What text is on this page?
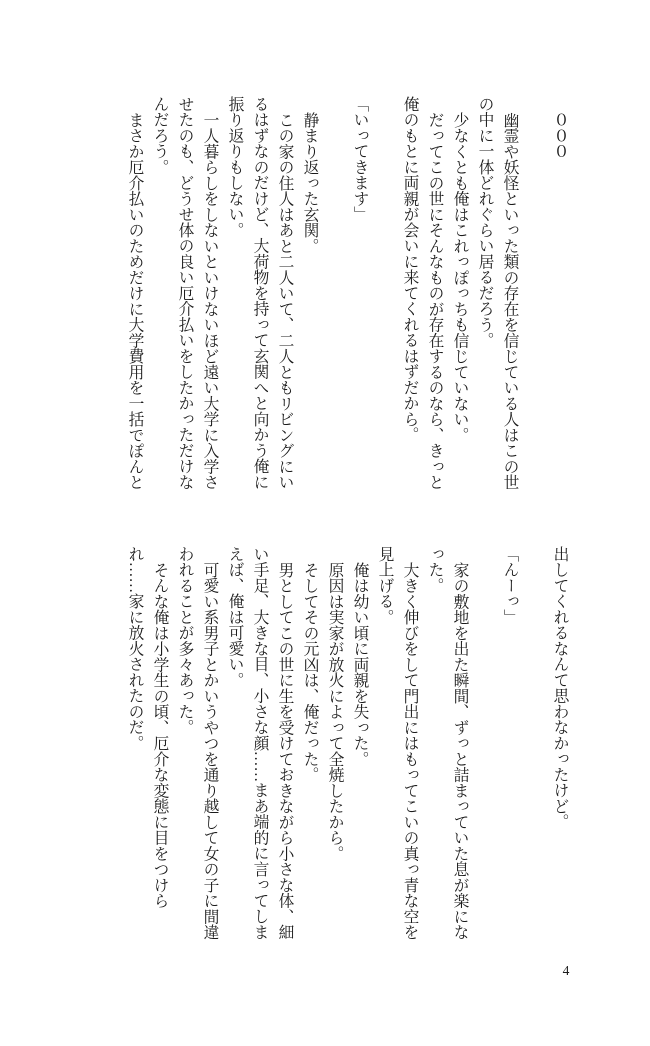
０００

幽霊や妖怪といった類の存在を信じている人はこの世
の中に一体どれぐらい居るだろう。
少なくとも俺はこれっぽっちも信じていない。
だってこの世にそんなものが存在するのなら、きっと
俺のもとに両親が会いに来てくれるはずだから。

「いってきます」

静まり返った玄関。
この家の住人はあと二人いて、二人ともリビングにい
るはずなのだけど、大荷物を持って玄関へと向かう俺に
振り返りもしない。
一人暮らしをしないといけないほど遠い大学に入学さ
せたのも、どうせ体の良い厄介払いをしたかっただけな
んだろう。
まさか厄介払いのためだけに大学費用を一括でぽんと
出してくれるなんて思わなかったけど。

「んーっ」

家の敷地を出た瞬間、ずっと詰まっていた息が楽にな
った。
大きく伸びをして門出にはもってこいの真っ青な空を
見上げる。
俺は幼い頃に両親を失った。
原因は実家が放火によって全焼したから。
そしてその元凶は、俺だった。
男としてこの世に生を受けておきながら小さな体、細
い手足、大きな目、小さな顔……まあ端的に言ってしま
えば、俺は可愛い。
可愛い系男子とかいうやつを通り越して女の子に間違
われることが多々あった。
そんな俺は小学生の頃、厄介な変態に目をつけら
れ……家に放火されたのだ。
4
